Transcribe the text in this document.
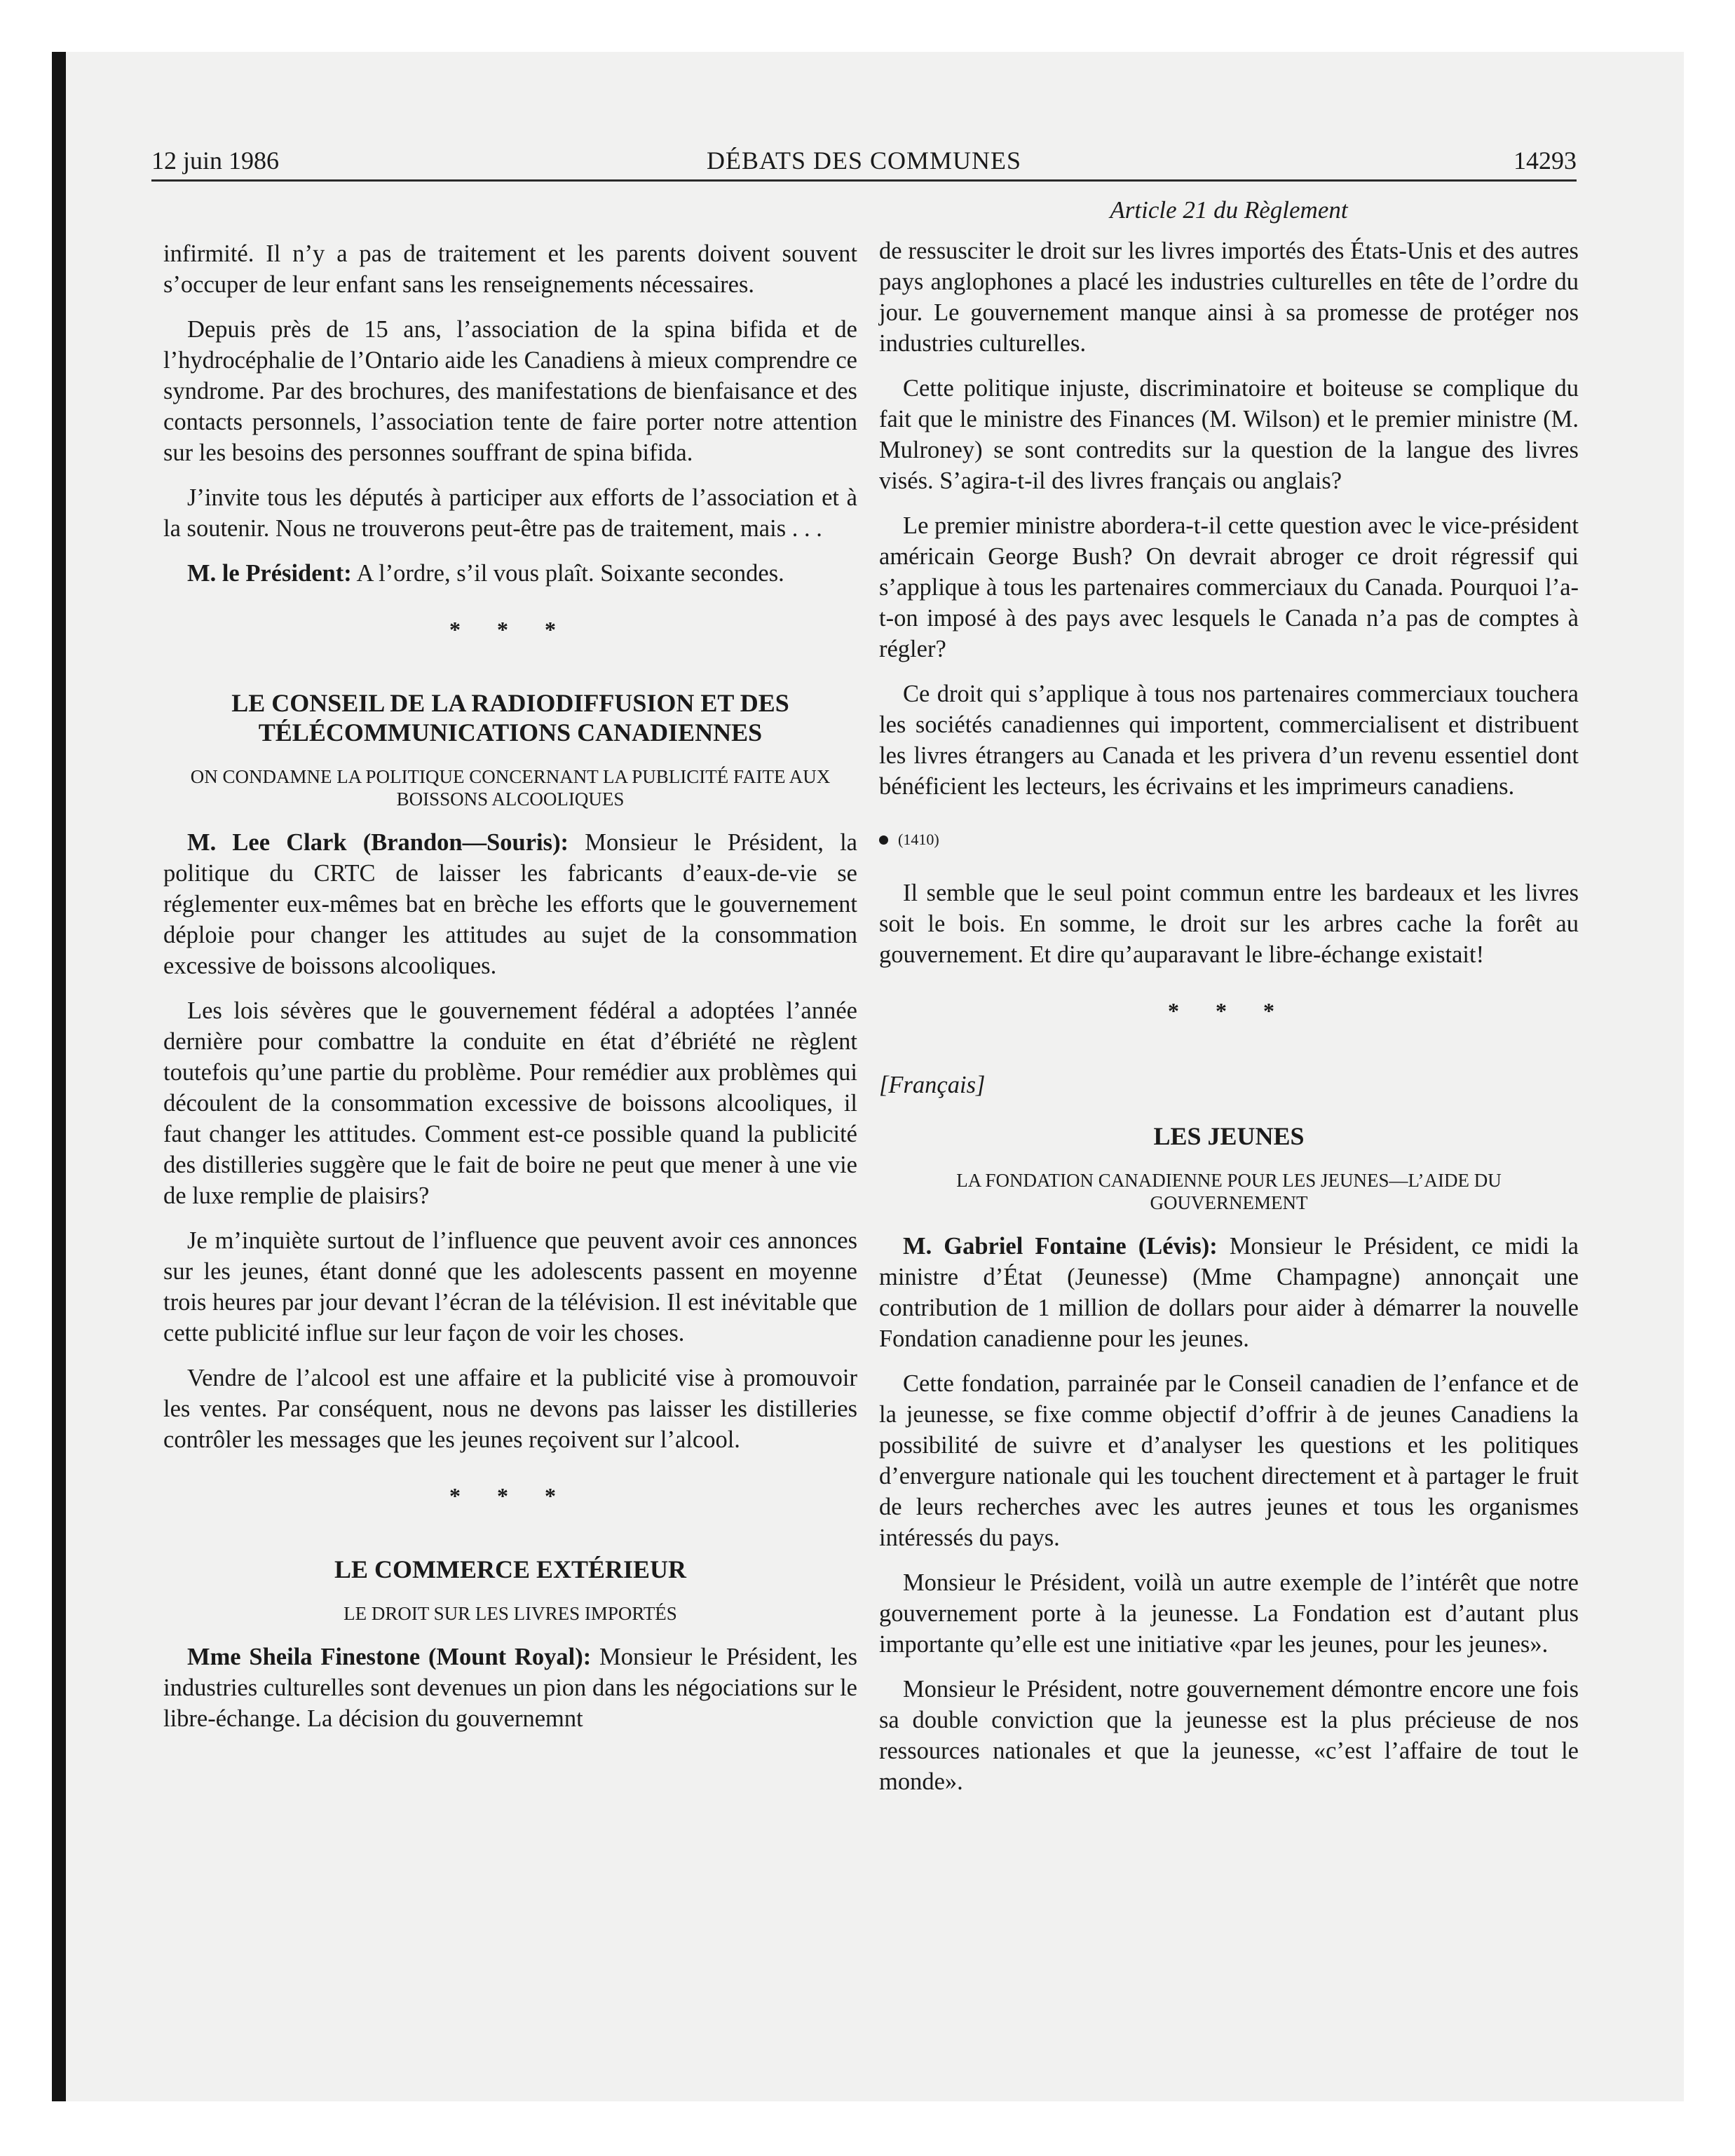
12 juin 1986	DÉBATS DES COMMUNES	14293

infirmité. Il n’y a pas de traitement et les parents doivent souvent s’occuper de leur enfant sans les renseignements nécessaires.

Depuis près de 15 ans, l’association de la spina bifida et de l’hydrocéphalie de l’Ontario aide les Canadiens à mieux comprendre ce syndrome. Par des brochures, des manifestations de bienfaisance et des contacts personnels, l’association tente de faire porter notre attention sur les besoins des personnes souffrant de spina bifida.

J’invite tous les députés à participer aux efforts de l’association et à la soutenir. Nous ne trouverons peut-être pas de traitement, mais . . .

M. le Président: A l’ordre, s’il vous plaît. Soixante secondes.

* * *
LE CONSEIL DE LA RADIODIFFUSION ET DES TÉLÉCOMMUNICATIONS CANADIENNES
ON CONDAMNE LA POLITIQUE CONCERNANT LA PUBLICITÉ FAITE AUX BOISSONS ALCOOLIQUES

M. Lee Clark (Brandon—Souris): Monsieur le Président, la politique du CRTC de laisser les fabricants d’eaux-de-vie se réglementer eux-mêmes bat en brèche les efforts que le gouvernement déploie pour changer les attitudes au sujet de la consommation excessive de boissons alcooliques.

Les lois sévères que le gouvernement fédéral a adoptées l’année dernière pour combattre la conduite en état d’ébriété ne règlent toutefois qu’une partie du problème. Pour remédier aux problèmes qui découlent de la consommation excessive de boissons alcooliques, il faut changer les attitudes. Comment est-ce possible quand la publicité des distilleries suggère que le fait de boire ne peut que mener à une vie de luxe remplie de plaisirs?

Je m’inquiète surtout de l’influence que peuvent avoir ces annonces sur les jeunes, étant donné que les adolescents passent en moyenne trois heures par jour devant l’écran de la télévision. Il est inévitable que cette publicité influe sur leur façon de voir les choses.

Vendre de l’alcool est une affaire et la publicité vise à promouvoir les ventes. Par conséquent, nous ne devons pas laisser les distilleries contrôler les messages que les jeunes reçoivent sur l’alcool.

* * *
LE COMMERCE EXTÉRIEUR
LE DROIT SUR LES LIVRES IMPORTÉS

Mme Sheila Finestone (Mount Royal): Monsieur le Président, les industries culturelles sont devenues un pion dans les négociations sur le libre-échange. La décision du gouvernemnt

Article 21 du Règlement

de ressusciter le droit sur les livres importés des États-Unis et des autres pays anglophones a placé les industries culturelles en tête de l’ordre du jour. Le gouvernement manque ainsi à sa promesse de protéger nos industries culturelles.

Cette politique injuste, discriminatoire et boiteuse se complique du fait que le ministre des Finances (M. Wilson) et le premier ministre (M. Mulroney) se sont contredits sur la question de la langue des livres visés. S’agira-t-il des livres français ou anglais?

Le premier ministre abordera-t-il cette question avec le vice-président américain George Bush? On devrait abroger ce droit régressif qui s’applique à tous les partenaires commerciaux du Canada. Pourquoi l’a-t-on imposé à des pays avec lesquels le Canada n’a pas de comptes à régler?

Ce droit qui s’applique à tous nos partenaires commerciaux touchera les sociétés canadiennes qui importent, commercialisent et distribuent les livres étrangers au Canada et les privera d’un revenu essentiel dont bénéficient les lecteurs, les écrivains et les imprimeurs canadiens.

(1410)

Il semble que le seul point commun entre les bardeaux et les livres soit le bois. En somme, le droit sur les arbres cache la forêt au gouvernement. Et dire qu’auparavant le libre-échange existait!

* * *
[Français]
LES JEUNES
LA FONDATION CANADIENNE POUR LES JEUNES—L’AIDE DU GOUVERNEMENT

M. Gabriel Fontaine (Lévis): Monsieur le Président, ce midi la ministre d’État (Jeunesse) (Mme Champagne) annonçait une contribution de 1 million de dollars pour aider à démarrer la nouvelle Fondation canadienne pour les jeunes.

Cette fondation, parrainée par le Conseil canadien de l’enfance et de la jeunesse, se fixe comme objectif d’offrir à de jeunes Canadiens la possibilité de suivre et d’analyser les questions et les politiques d’envergure nationale qui les touchent directement et à partager le fruit de leurs recherches avec les autres jeunes et tous les organismes intéressés du pays.

Monsieur le Président, voilà un autre exemple de l’intérêt que notre gouvernement porte à la jeunesse. La Fondation est d’autant plus importante qu’elle est une initiative «par les jeunes, pour les jeunes».

Monsieur le Président, notre gouvernement démontre encore une fois sa double conviction que la jeunesse est la plus précieuse de nos ressources nationales et que la jeunesse, «c’est l’affaire de tout le monde».
